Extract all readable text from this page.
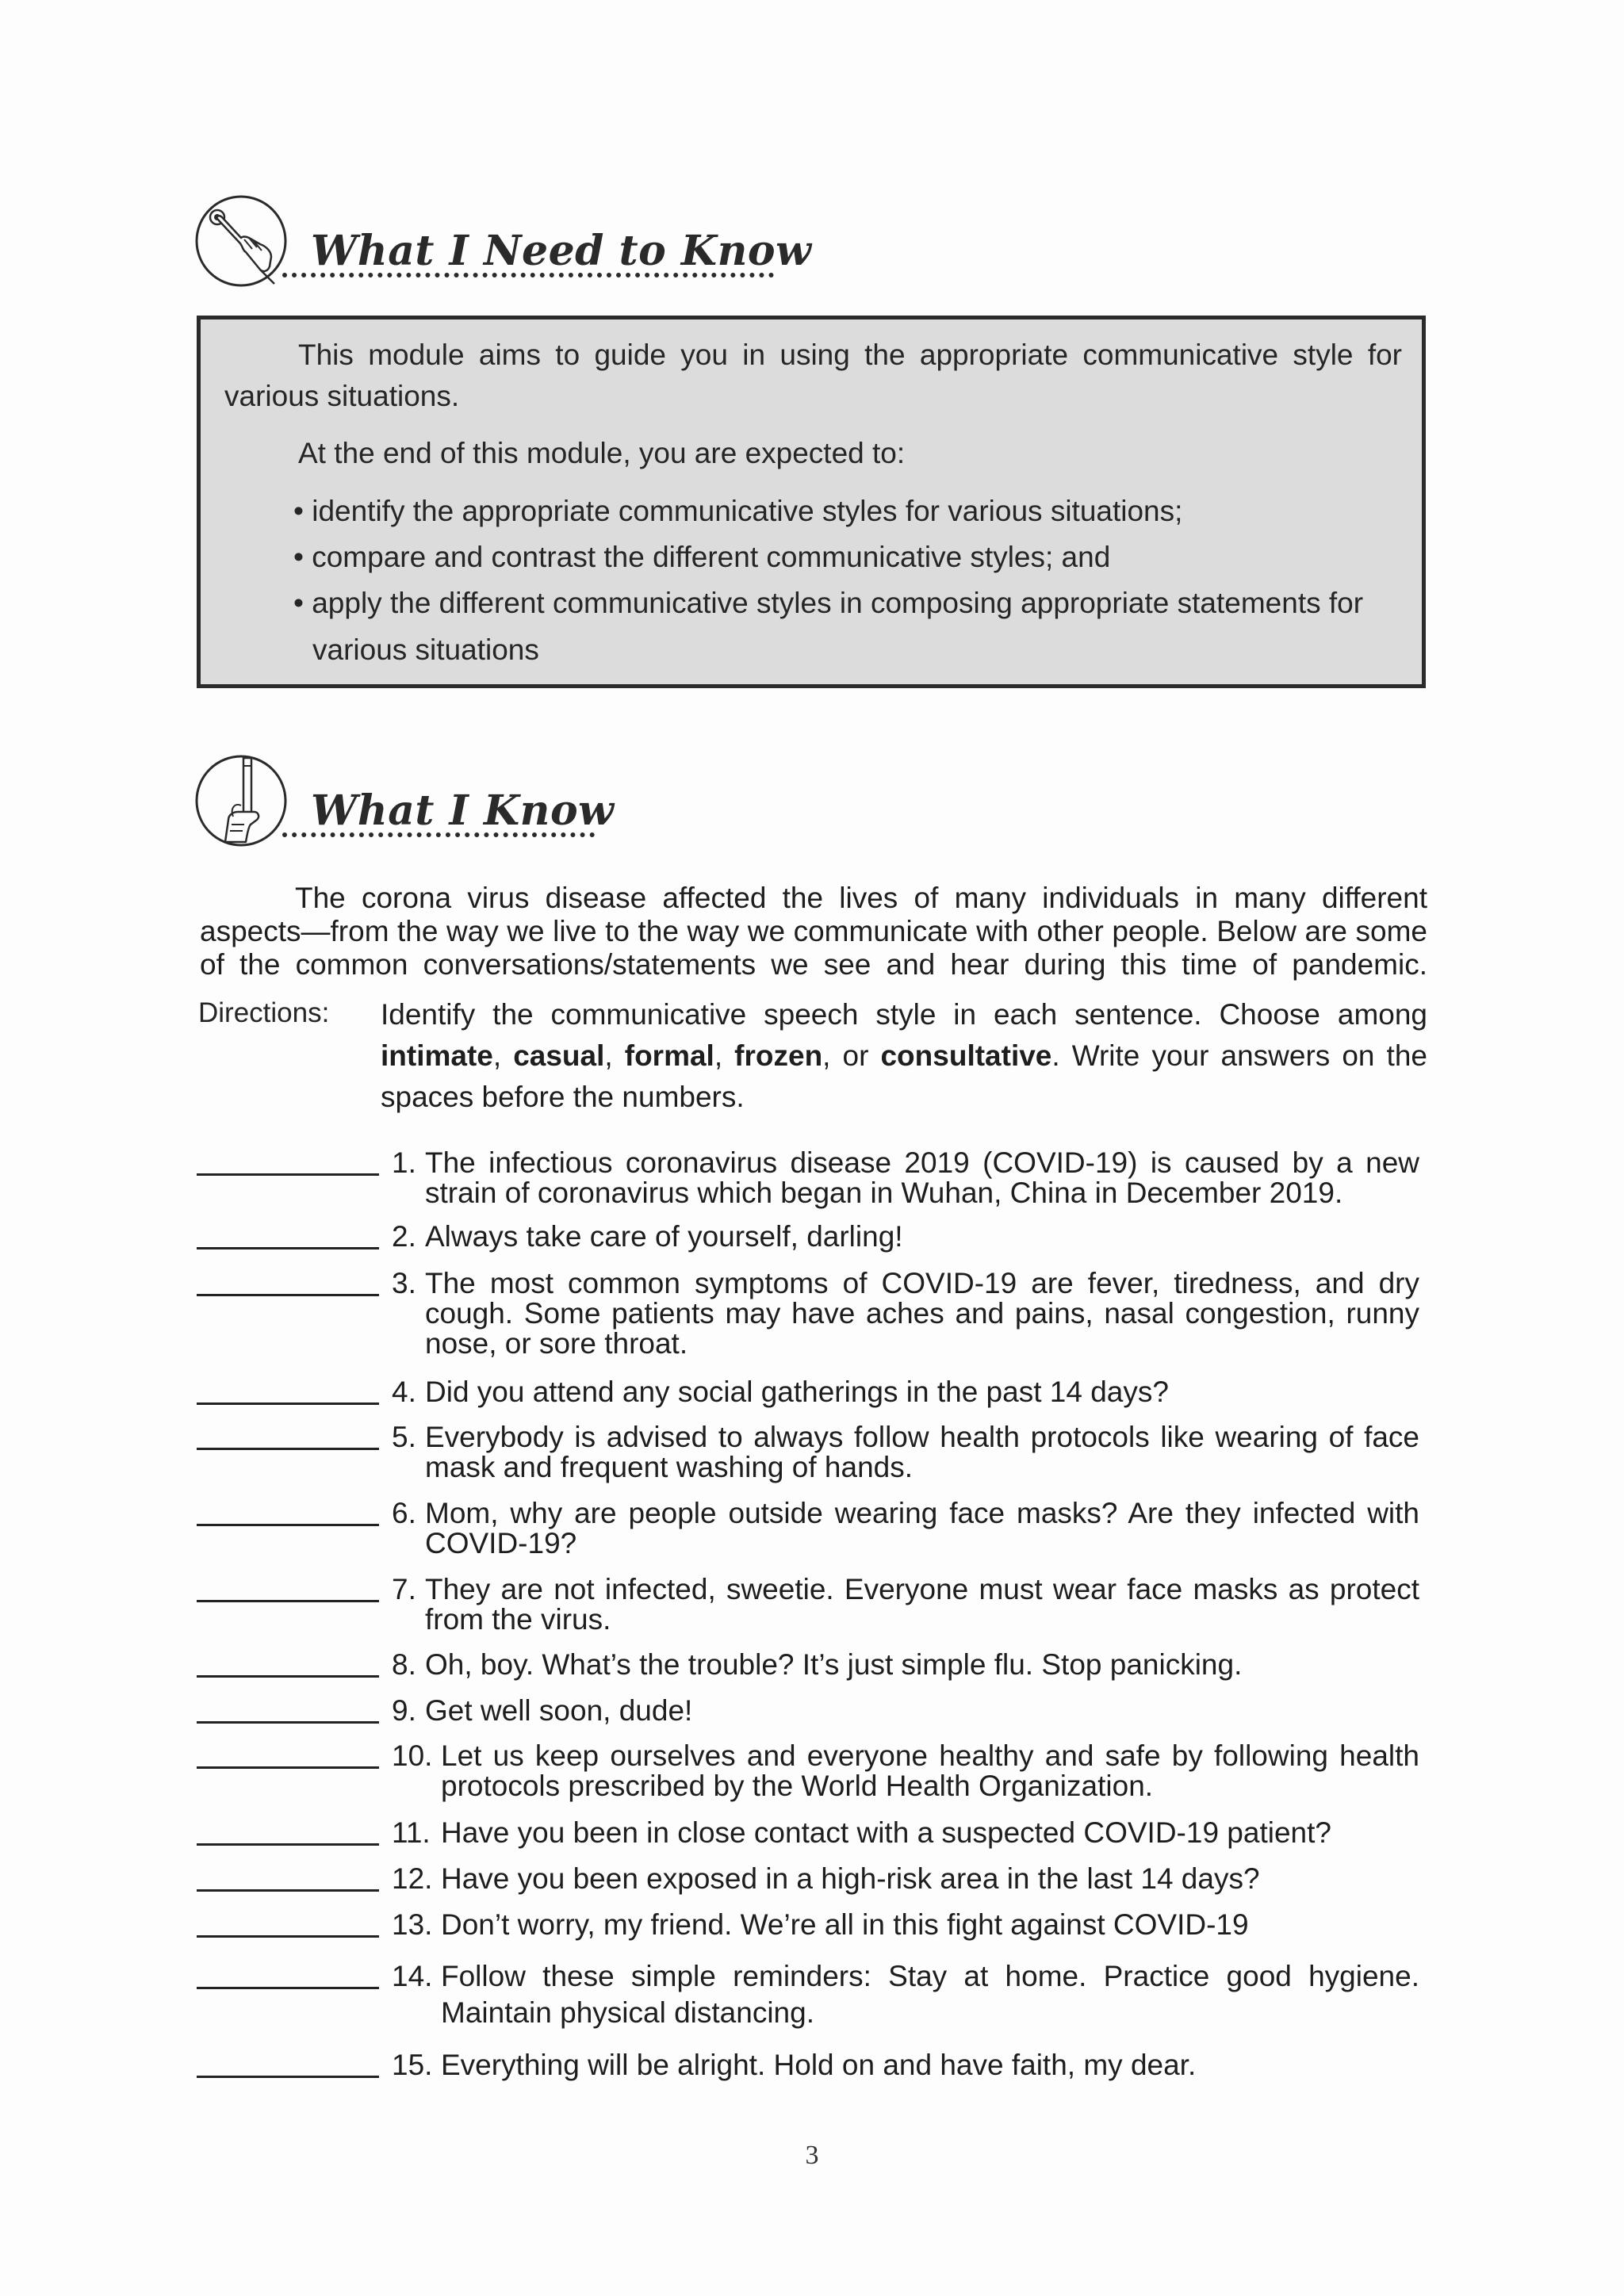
What I Need to Know
This module aims to guide you in using the appropriate communicative style for
various situations.
At the end of this module, you are expected to:
• identify the appropriate communicative styles for various situations;
• compare and contrast the different communicative styles; and
• apply the different communicative styles in composing appropriate statements for
various situations
What I Know
The corona virus disease affected the lives of many individuals in many different
aspects—from the way we live to the way we communicate with other people. Below are some
of the common conversations/statements we see and hear during this time of pandemic.
Directions: Identify the communicative speech style in each sentence. Choose among
intimate, casual, formal, frozen, or consultative. Write your answers on the
spaces before the numbers.
1. The infectious coronavirus disease 2019 (COVID-19) is caused by a new
strain of coronavirus which began in Wuhan, China in December 2019.
2. Always take care of yourself, darling!
3. The most common symptoms of COVID-19 are fever, tiredness, and dry
cough. Some patients may have aches and pains, nasal congestion, runny
nose, or sore throat.
4. Did you attend any social gatherings in the past 14 days?
5. Everybody is advised to always follow health protocols like wearing of face
mask and frequent washing of hands.
6. Mom, why are people outside wearing face masks? Are they infected with
COVID-19?
7. They are not infected, sweetie. Everyone must wear face masks as protect
from the virus.
8. Oh, boy. What’s the trouble? It’s just simple flu. Stop panicking.
9. Get well soon, dude!
10. Let us keep ourselves and everyone healthy and safe by following health
protocols prescribed by the World Health Organization.
11. Have you been in close contact with a suspected COVID-19 patient?
12. Have you been exposed in a high-risk area in the last 14 days?
13. Don’t worry, my friend. We’re all in this fight against COVID-19
14. Follow these simple reminders: Stay at home. Practice good hygiene.
Maintain physical distancing.
15. Everything will be alright. Hold on and have faith, my dear.
3
